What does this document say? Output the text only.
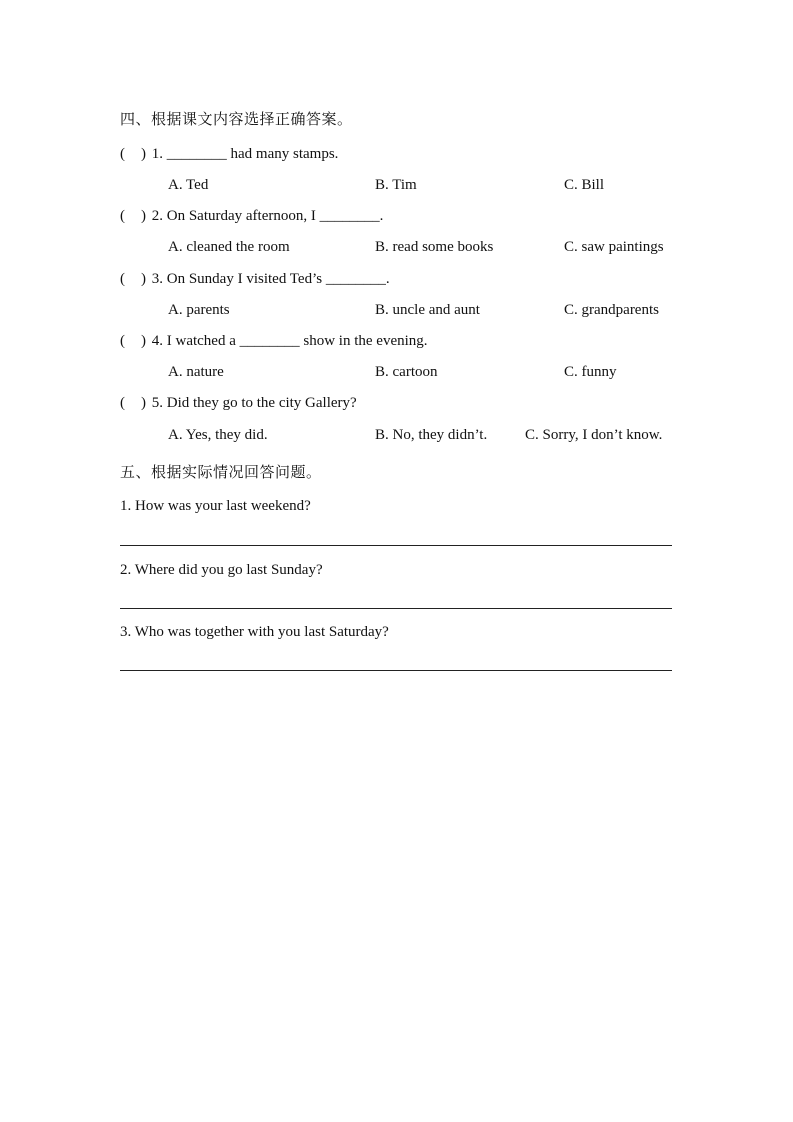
四、根据课文内容选择正确答案。
( ) 1. ________ had many stamps.
A. Ted	B. Tim	C. Bill
( ) 2. On Saturday afternoon, I ________.
A. cleaned the room	B. read some books	C. saw paintings
( ) 3. On Sunday I visited Ted’s ________.
A. parents	B. uncle and aunt	C. grandparents
( ) 4. I watched a ________ show in the evening.
A. nature	B. cartoon	C. funny
( ) 5. Did they go to the city Gallery?
A. Yes, they did.	B. No, they didn’t.	C. Sorry, I don’t know.
五、根据实际情况回答问题。
1. How was your last weekend?
2. Where did you go last Sunday?
3. Who was together with you last Saturday?
